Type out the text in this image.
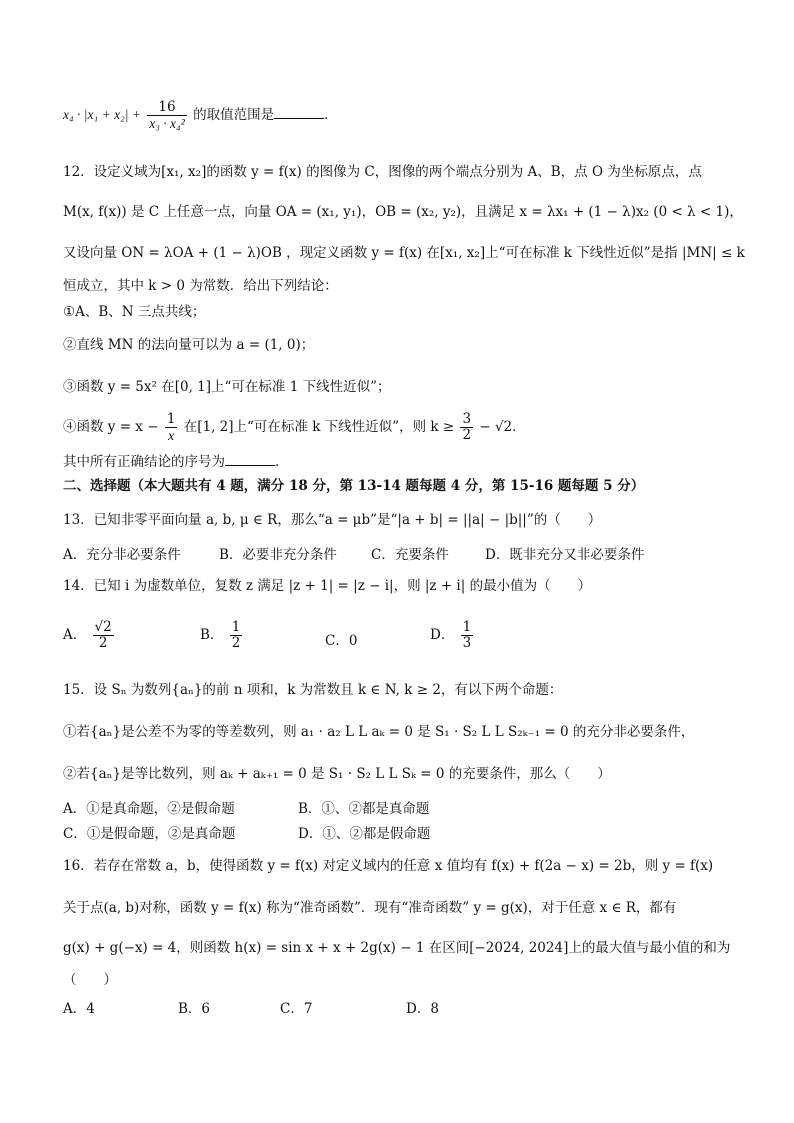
$x_4 \cdot |x_1 + x_2| + \frac{16}{\text{x₃ · x₄²}}$ 的取值范围是	．
12．设定义域为[x₁, x₂]的函数 y = f(x) 的图像为 C，图像的两个端点分别为 A、B，点 O 为坐标原点，点
M(x, f(x)) 是 C 上任意一点，向量 OA = (x₁, y₁)，OB = (x₂, y₂)，且满足 x = λx₁ + (1 − λ)x₂ (0 < λ < 1)，
又设向量 ON = λOA + (1 − λ)OB ，现定义函数 y = f(x) 在[x₁, x₂]上“可在标准 k 下线性近似”是指 |MN| ≤ k
恒成立，其中 k > 0 为常数．给出下列结论：
①A、B、N 三点共线；
②直线 MN 的法向量可以为 a = (1, 0)；
③函数 y = 5x² 在[0, 1]上“可在标准 1 下线性近似”；
④函数 $y = x - \frac{1}{x}$ 在[1, 2]上“可在标准 k 下线性近似”，则 $k \ge \frac{3}{2} - √2$．
其中所有正确结论的序号为	．
二、选择题（本大题共有 4 题，满分 18 分，第 13-14 题每题 4 分，第 15-16 题每题 5 分）
13．已知非零平面向量 a, b, μ ∈ R，那么“a = μb”是“|a + b| = ||a| − |b||”的（　　）
A．充分非必要条件	B．必要非充分条件	C．充要条件	D．既非充分又非必要条件
14．已知 i 为虚数单位，复数 z 满足 |z + 1| = |z − i|，则 |z + i| 的最小值为（　　）
A． $\frac{√2}{2}$	B． $\frac{1}{2}$	C．0	D． $\frac{1}{3}$
15．设 Sₙ 为数列{aₙ}的前 n 项和，k 为常数且 k ∈ N, k ≥ 2，有以下两个命题：
①若{aₙ}是公差不为零的等差数列，则 a₁ · a₂ L L aₖ = 0 是 S₁ · S₂ L L S₂ₖ₋₁ = 0 的充分非必要条件，
②若{aₙ}是等比数列，则 aₖ + aₖ₊₁ = 0 是 S₁ · S₂ L L Sₖ = 0 的充要条件，那么（　　）
A．①是真命题，②是假命题	B．①、②都是真命题
C．①是假命题，②是真命题	D．①、②都是假命题
16．若存在常数 a，b，使得函数 y = f(x) 对定义域内的任意 x 值均有 f(x) + f(2a − x) = 2b，则 y = f(x)
关于点(a, b)对称，函数 y = f(x) 称为“准奇函数”．现有“准奇函数” y = g(x)，对于任意 x ∈ R，都有
g(x) + g(−x) = 4，则函数 h(x) = sin x + x + 2g(x) − 1 在区间[−2024, 2024]上的最大值与最小值的和为
（　　）
A．4	B．6	C．7	D．8
